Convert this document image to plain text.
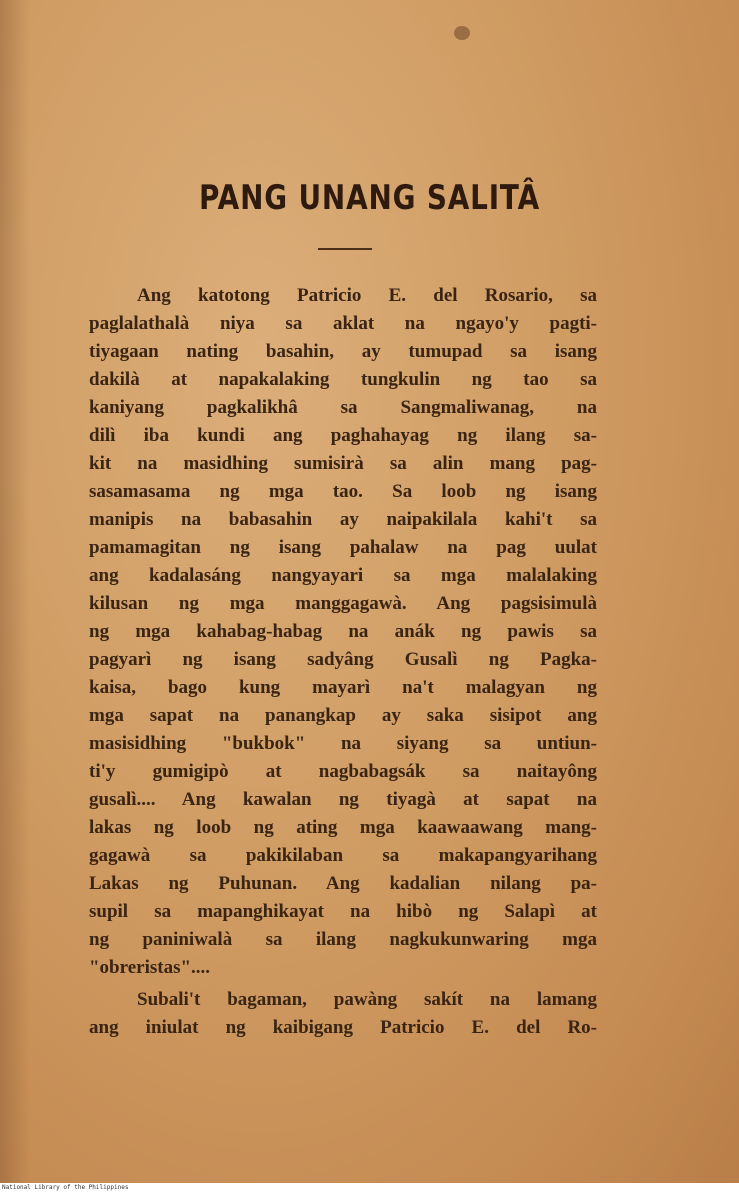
PANG UNANG SALITÂ
Ang katotong Patricio E. del Rosario, sa
paglalathalà niya sa aklat na ngayo'y pagti-
tiyagaan nating basahin, ay tumupad sa isang
dakilà at napakalaking tungkulin ng tao sa
kaniyang pagkalikhâ sa Sangmaliwanag, na
dilì iba kundi ang paghahayag ng ilang sa-
kit na masidhing sumisirà sa alin mang pag-
sasamasama ng mga tao. Sa loob ng isang
manipis na babasahin ay naipakilala kahi't sa
pamamagitan ng isang pahalaw na pag uulat
ang kadalasáng nangyayari sa mga malalaking
kilusan ng mga manggagawà. Ang pagsisimulà
ng mga kahabag-habag na anák ng pawis sa
pagyarì ng isang sadyâng Gusalì ng Pagka-
kaisa, bago kung mayarì na't malagyan ng
mga sapat na panangkap ay saka sisipot ang
masisidhing "bukbok" na siyang sa untiun-
ti'y gumigipò at nagbabagsák sa naitayông
gusalì.... Ang kawalan ng tiyagà at sapat na
lakas ng loob ng ating mga kaawaawang mang-
gagawà sa pakikilaban sa makapangyarihang
Lakas ng Puhunan. Ang kadalian nilang pa-
supil sa mapanghikayat na hibò ng Salapì at
ng paniniwalà sa ilang nagkukunwaring mga
"obreristas"....
Subali't bagaman, pawàng sakít na lamang
ang iniulat ng kaibigang Patricio E. del Ro-
National Library of the Philippines
